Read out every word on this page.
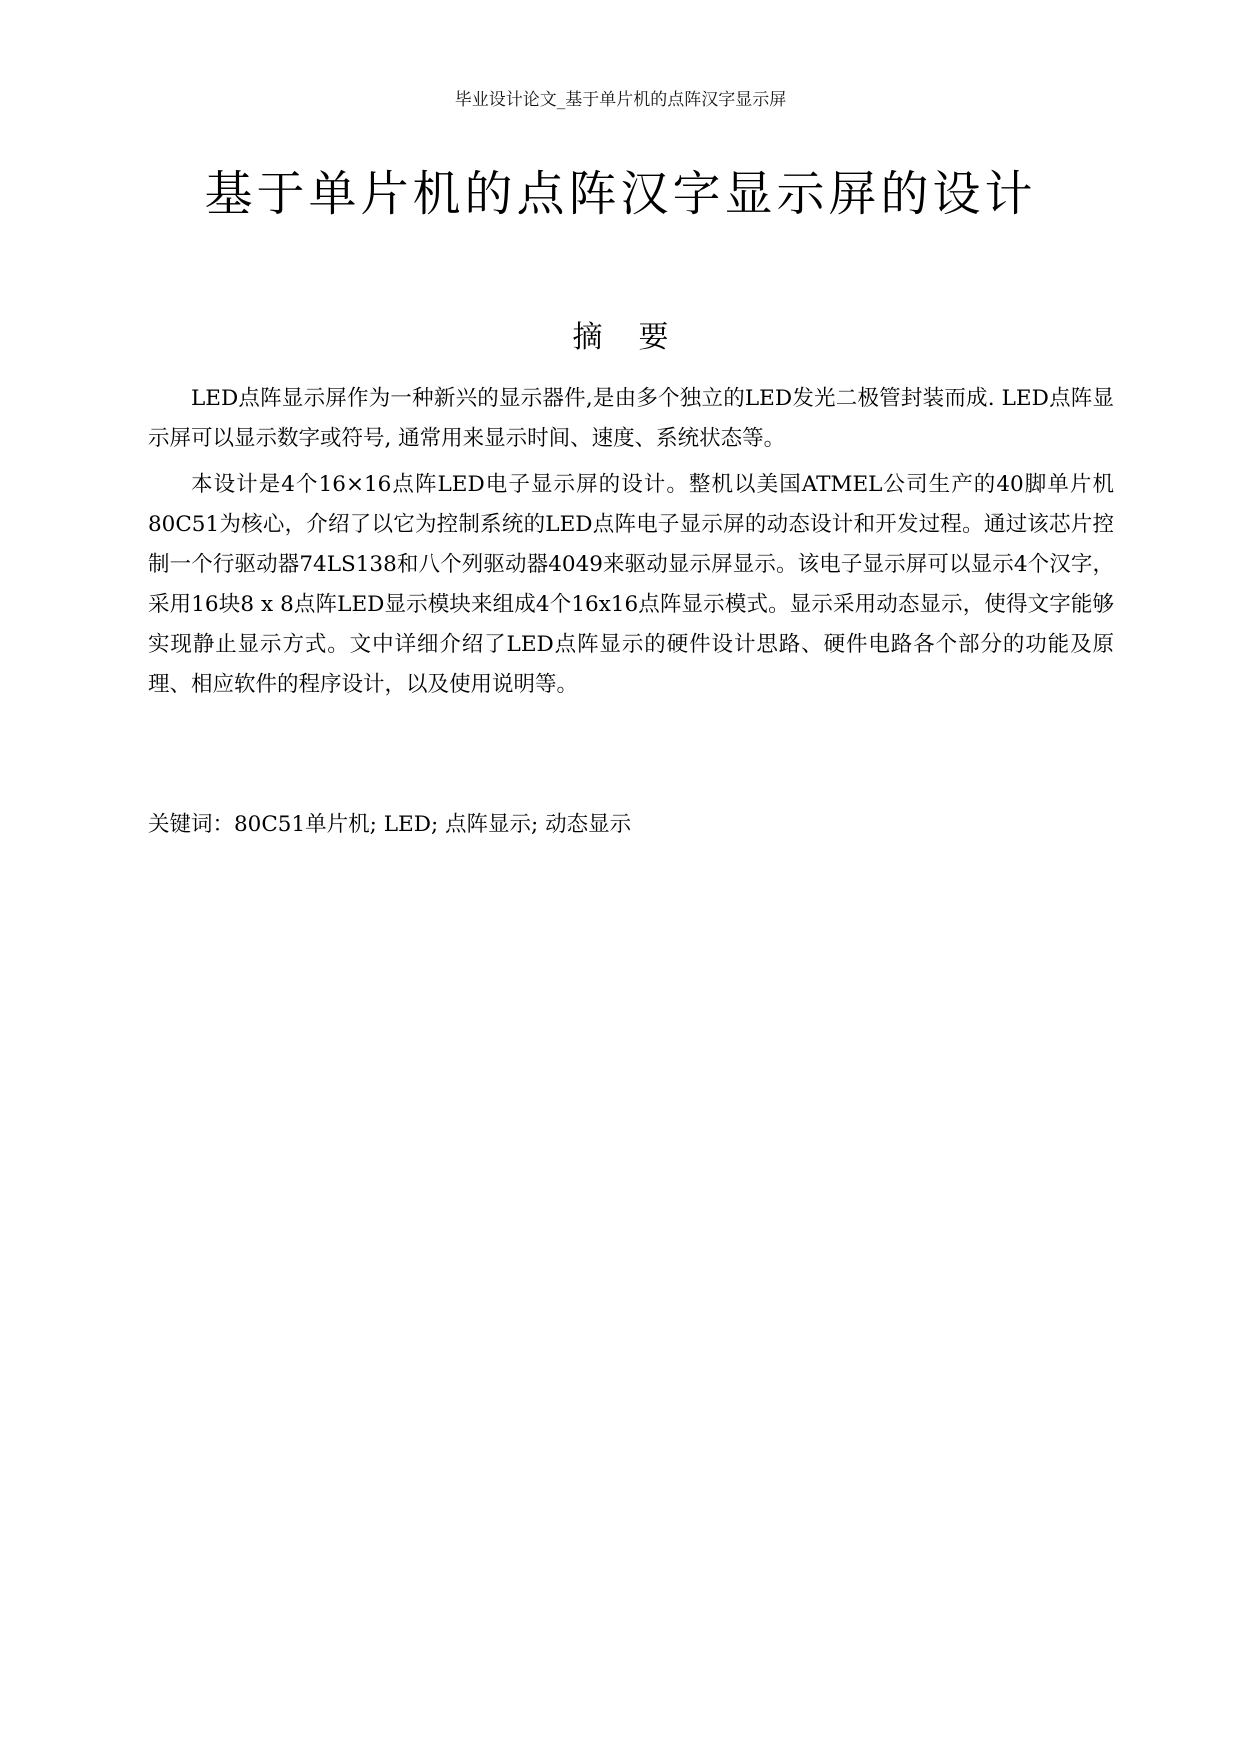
毕业设计论文_基于单片机的点阵汉字显示屏
基于单片机的点阵汉字显示屏的设计
摘要

LED点阵显示屏作为一种新兴的显示器件,是由多个独立的LED发光二极管封装而成. LED点阵显示屏可以显示数字或符号, 通常用来显示时间、速度、系统状态等。

本设计是4个16×16点阵LED电子显示屏的设计。整机以美国ATMEL公司生产的40脚单片机80C51为核心，介绍了以它为控制系统的LED点阵电子显示屏的动态设计和开发过程。通过该芯片控制一个行驱动器74LS138和八个列驱动器4049来驱动显示屏显示。该电子显示屏可以显示4个汉字，采用16块8 x 8点阵LED显示模块来组成4个16x16点阵显示模式。显示采用动态显示，使得文字能够实现静止显示方式。文中详细介绍了LED点阵显示的硬件设计思路、硬件电路各个部分的功能及原理、相应软件的程序设计，以及使用说明等。

关键词：80C51单片机; LED; 点阵显示; 动态显示
